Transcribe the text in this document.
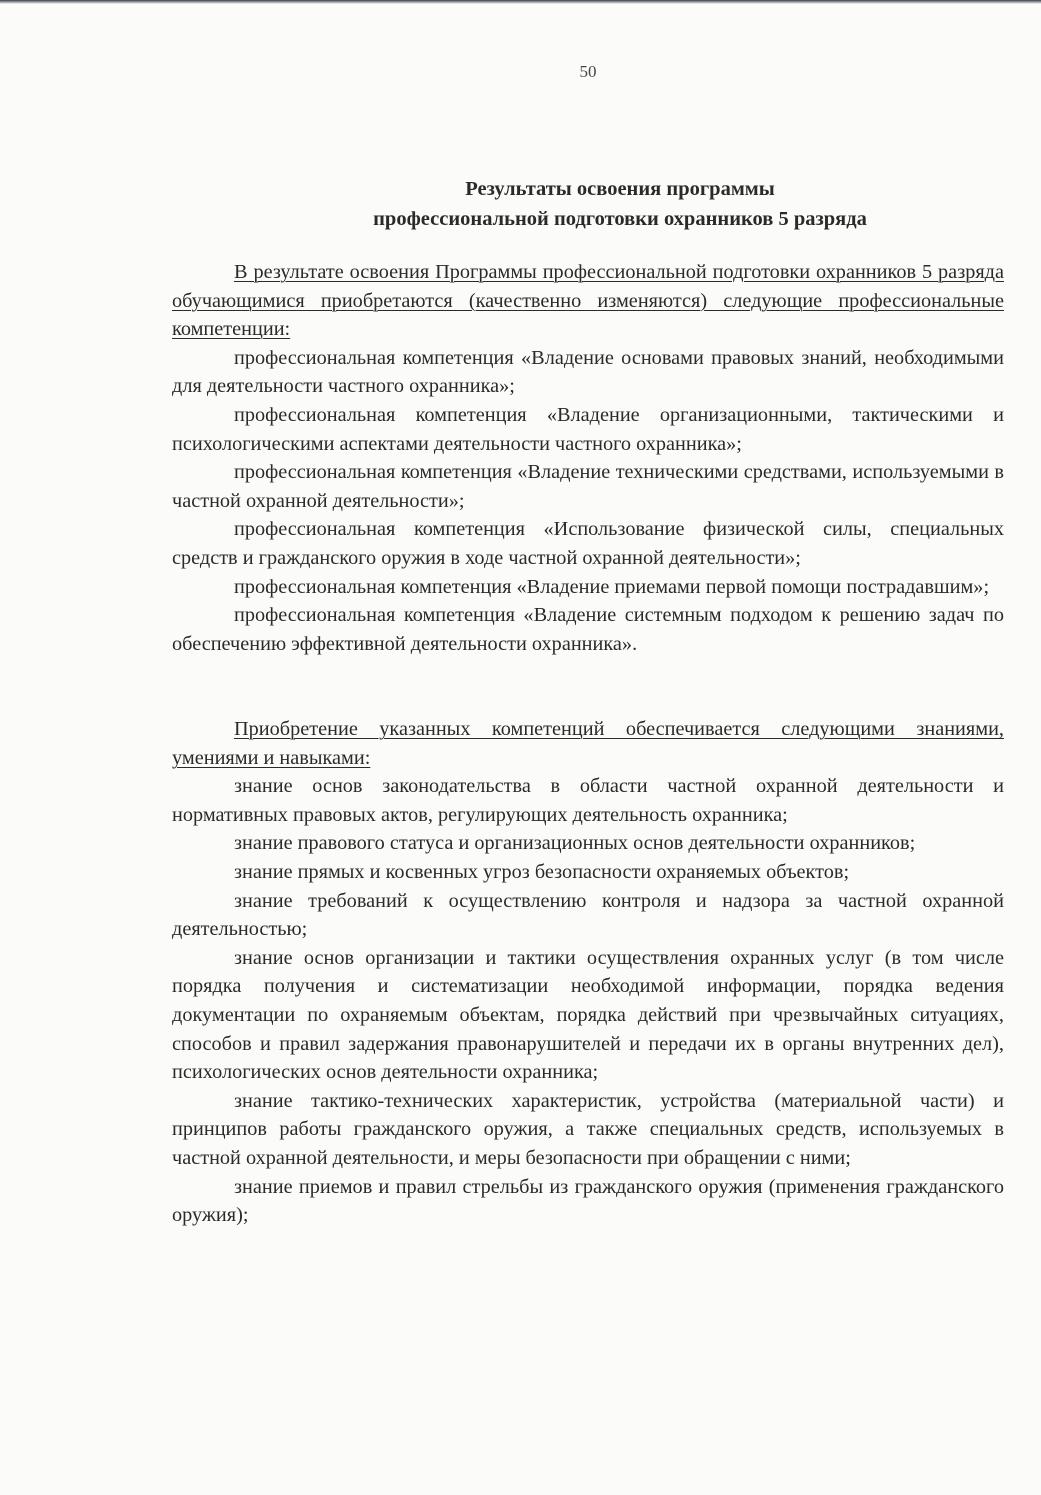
50
Результаты освоения программы
профессиональной подготовки охранников 5 разряда

В результате освоения Программы профессиональной подготовки охранников 5 разряда обучающимися приобретаются (качественно изменяются) следующие профессиональные компетенции:

профессиональная компетенция «Владение основами правовых знаний, необходимыми для деятельности частного охранника»;

профессиональная компетенция «Владение организационными, тактическими и психологическими аспектами деятельности частного охранника»;

профессиональная компетенция «Владение техническими средствами, используемыми в частной охранной деятельности»;

профессиональная компетенция «Использование физической силы, специальных средств и гражданского оружия в ходе частной охранной деятельности»;

профессиональная компетенция «Владение приемами первой помощи пострадавшим»;

профессиональная компетенция «Владение системным подходом к решению задач по обеспечению эффективной деятельности охранника».

Приобретение указанных компетенций обеспечивается следующими знаниями, умениями и навыками:

знание основ законодательства в области частной охранной деятельности и нормативных правовых актов, регулирующих деятельность охранника;

знание правового статуса и организационных основ деятельности охранников;

знание прямых и косвенных угроз безопасности охраняемых объектов;

знание требований к осуществлению контроля и надзора за частной охранной деятельностью;

знание основ организации и тактики осуществления охранных услуг (в том числе порядка получения и систематизации необходимой информации, порядка ведения документации по охраняемым объектам, порядка действий при чрезвычайных ситуациях, способов и правил задержания правонарушителей и передачи их в органы внутренних дел), психологических основ деятельности охранника;

знание тактико-технических характеристик, устройства (материальной части) и принципов работы гражданского оружия, а также специальных средств, используемых в частной охранной деятельности, и меры безопасности при обращении с ними;

знание приемов и правил стрельбы из гражданского оружия (применения гражданского оружия);
